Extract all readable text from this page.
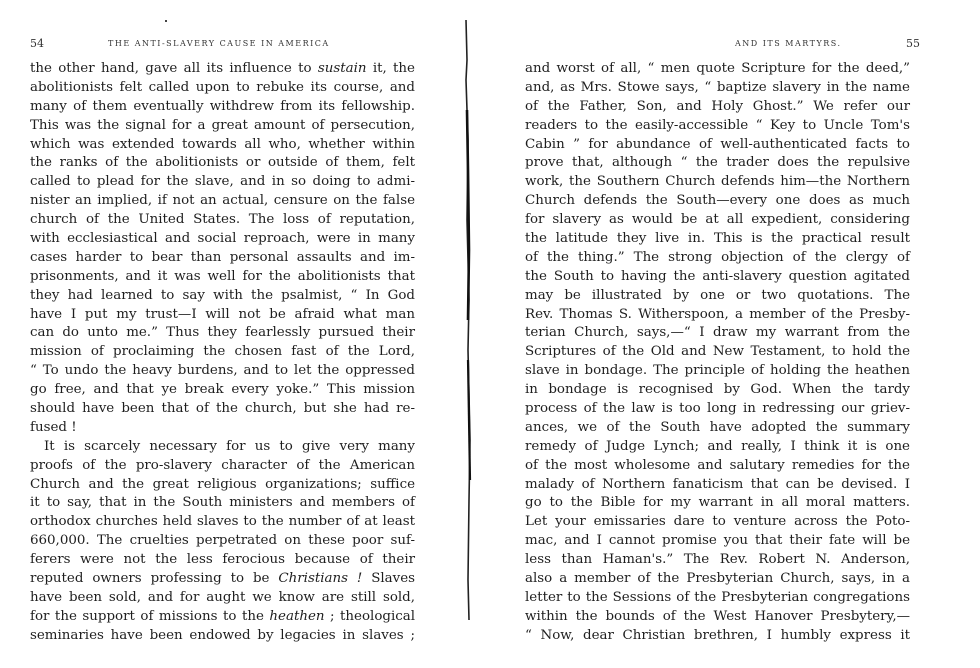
54	THE ANTI-SLAVERY CAUSE IN AMERICA
the other hand, gave all its influence to sustain it, the
abolitionists felt called upon to rebuke its course, and
many of them eventually withdrew from its fellowship.
This was the signal for a great amount of persecution,
which was extended towards all who, whether within
the ranks of the abolitionists or outside of them, felt
called to plead for the slave, and in so doing to admi-
nister an implied, if not an actual, censure on the false
church of the United States. The loss of reputation,
with ecclesiastical and social reproach, were in many
cases harder to bear than personal assaults and im-
prisonments, and it was well for the abolitionists that
they had learned to say with the psalmist, “ In God
have I put my trust—I will not be afraid what man
can do unto me.” Thus they fearlessly pursued their
mission of proclaiming the chosen fast of the Lord,
“ To undo the heavy burdens, and to let the oppressed
go free, and that ye break every yoke.” This mission
should have been that of the church, but she had re-
fused !
It is scarcely necessary for us to give very many
proofs of the pro-slavery character of the American
Church and the great religious organizations; suffice
it to say, that in the South ministers and members of
orthodox churches held slaves to the number of at least
660,000. The cruelties perpetrated on these poor suf-
ferers were not the less ferocious because of their
reputed owners professing to be Christians ! Slaves
have been sold, and for aught we know are still sold,
for the support of missions to the heathen ; theological
seminaries have been endowed by legacies in slaves ;
AND ITS MARTYRS.	55
and worst of all, “ men quote Scripture for the deed,”
and, as Mrs. Stowe says, “ baptize slavery in the name
of the Father, Son, and Holy Ghost.” We refer our
readers to the easily-accessible “ Key to Uncle Tom's
Cabin ” for abundance of well-authenticated facts to
prove that, although “ the trader does the repulsive
work, the Southern Church defends him—the Northern
Church defends the South—every one does as much
for slavery as would be at all expedient, considering
the latitude they live in. This is the practical result
of the thing.” The strong objection of the clergy of
the South to having the anti-slavery question agitated
may be illustrated by one or two quotations. The
Rev. Thomas S. Witherspoon, a member of the Presby-
terian Church, says,—“ I draw my warrant from the
Scriptures of the Old and New Testament, to hold the
slave in bondage. The principle of holding the heathen
in bondage is recognised by God. When the tardy
process of the law is too long in redressing our griev-
ances, we of the South have adopted the summary
remedy of Judge Lynch; and really, I think it is one
of the most wholesome and salutary remedies for the
malady of Northern fanaticism that can be devised. I
go to the Bible for my warrant in all moral matters.
Let your emissaries dare to venture across the Poto-
mac, and I cannot promise you that their fate will be
less than Haman's.” The Rev. Robert N. Anderson,
also a member of the Presbyterian Church, says, in a
letter to the Sessions of the Presbyterian congregations
within the bounds of the West Hanover Presbytery,—
“ Now, dear Christian brethren, I humbly express it
